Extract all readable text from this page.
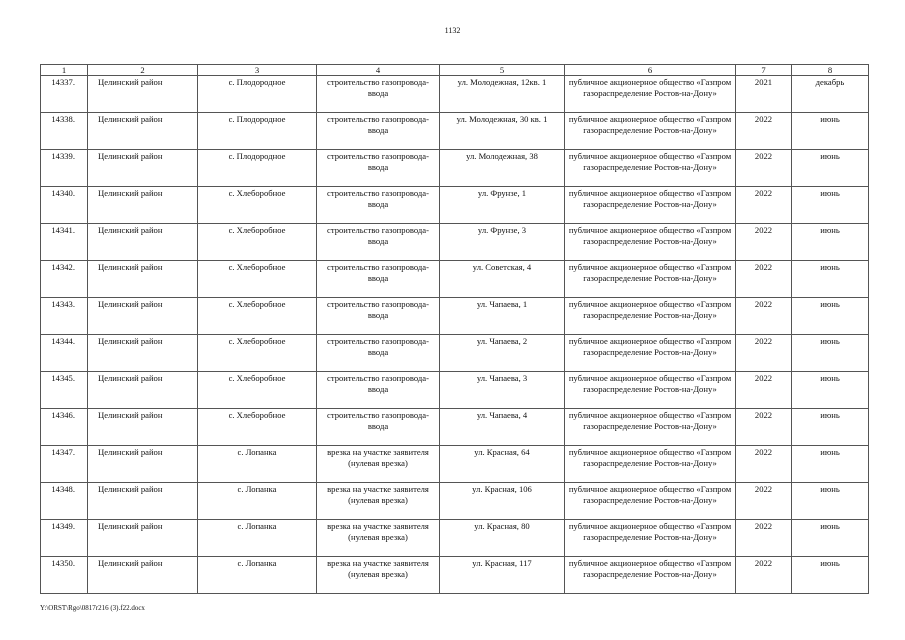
1132
1	2	3	4	5	6	7	8
14337.	Целинский район	с. Плодородное	строительство газопровода-ввода	ул. Молодежная, 12кв. 1	публичное акционерное общество «Газпром газораспределение Ростов-на-Дону»	2021	декабрь
14338.	Целинский район	с. Плодородное	строительство газопровода-ввода	ул. Молодежная, 30 кв. 1	публичное акционерное общество «Газпром газораспределение Ростов-на-Дону»	2022	июнь
14339.	Целинский район	с. Плодородное	строительство газопровода-ввода	ул. Молодежная, 38	публичное акционерное общество «Газпром газораспределение Ростов-на-Дону»	2022	июнь
14340.	Целинский район	с. Хлеборобное	строительство газопровода-ввода	ул. Фрунзе, 1	публичное акционерное общество «Газпром газораспределение Ростов-на-Дону»	2022	июнь
14341.	Целинский район	с. Хлеборобное	строительство газопровода-ввода	ул. Фрунзе, 3	публичное акционерное общество «Газпром газораспределение Ростов-на-Дону»	2022	июнь
14342.	Целинский район	с. Хлеборобное	строительство газопровода-ввода	ул. Советская, 4	публичное акционерное общество «Газпром газораспределение Ростов-на-Дону»	2022	июнь
14343.	Целинский район	с. Хлеборобное	строительство газопровода-ввода	ул. Чапаева, 1	публичное акционерное общество «Газпром газораспределение Ростов-на-Дону»	2022	июнь
14344.	Целинский район	с. Хлеборобное	строительство газопровода-ввода	ул. Чапаева, 2	публичное акционерное общество «Газпром газораспределение Ростов-на-Дону»	2022	июнь
14345.	Целинский район	с. Хлеборобное	строительство газопровода-ввода	ул. Чапаева, 3	публичное акционерное общество «Газпром газораспределение Ростов-на-Дону»	2022	июнь
14346.	Целинский район	с. Хлеборобное	строительство газопровода-ввода	ул. Чапаева, 4	публичное акционерное общество «Газпром газораспределение Ростов-на-Дону»	2022	июнь
14347.	Целинский район	с. Лопанка	врезка на участке заявителя (нулевая врезка)	ул. Красная, 64	публичное акционерное общество «Газпром газораспределение Ростов-на-Дону»	2022	июнь
14348.	Целинский район	с. Лопанка	врезка на участке заявителя (нулевая врезка)	ул. Красная, 106	публичное акционерное общество «Газпром газораспределение Ростов-на-Дону»	2022	июнь
14349.	Целинский район	с. Лопанка	врезка на участке заявителя (нулевая врезка)	ул. Красная, 80	публичное акционерное общество «Газпром газораспределение Ростов-на-Дону»	2022	июнь
14350.	Целинский район	с. Лопанка	врезка на участке заявителя (нулевая врезка)	ул. Красная, 117	публичное акционерное общество «Газпром газораспределение Ростов-на-Дону»	2022	июнь
Y:\ORST\Rgo\0817r216 (3).f22.docx
